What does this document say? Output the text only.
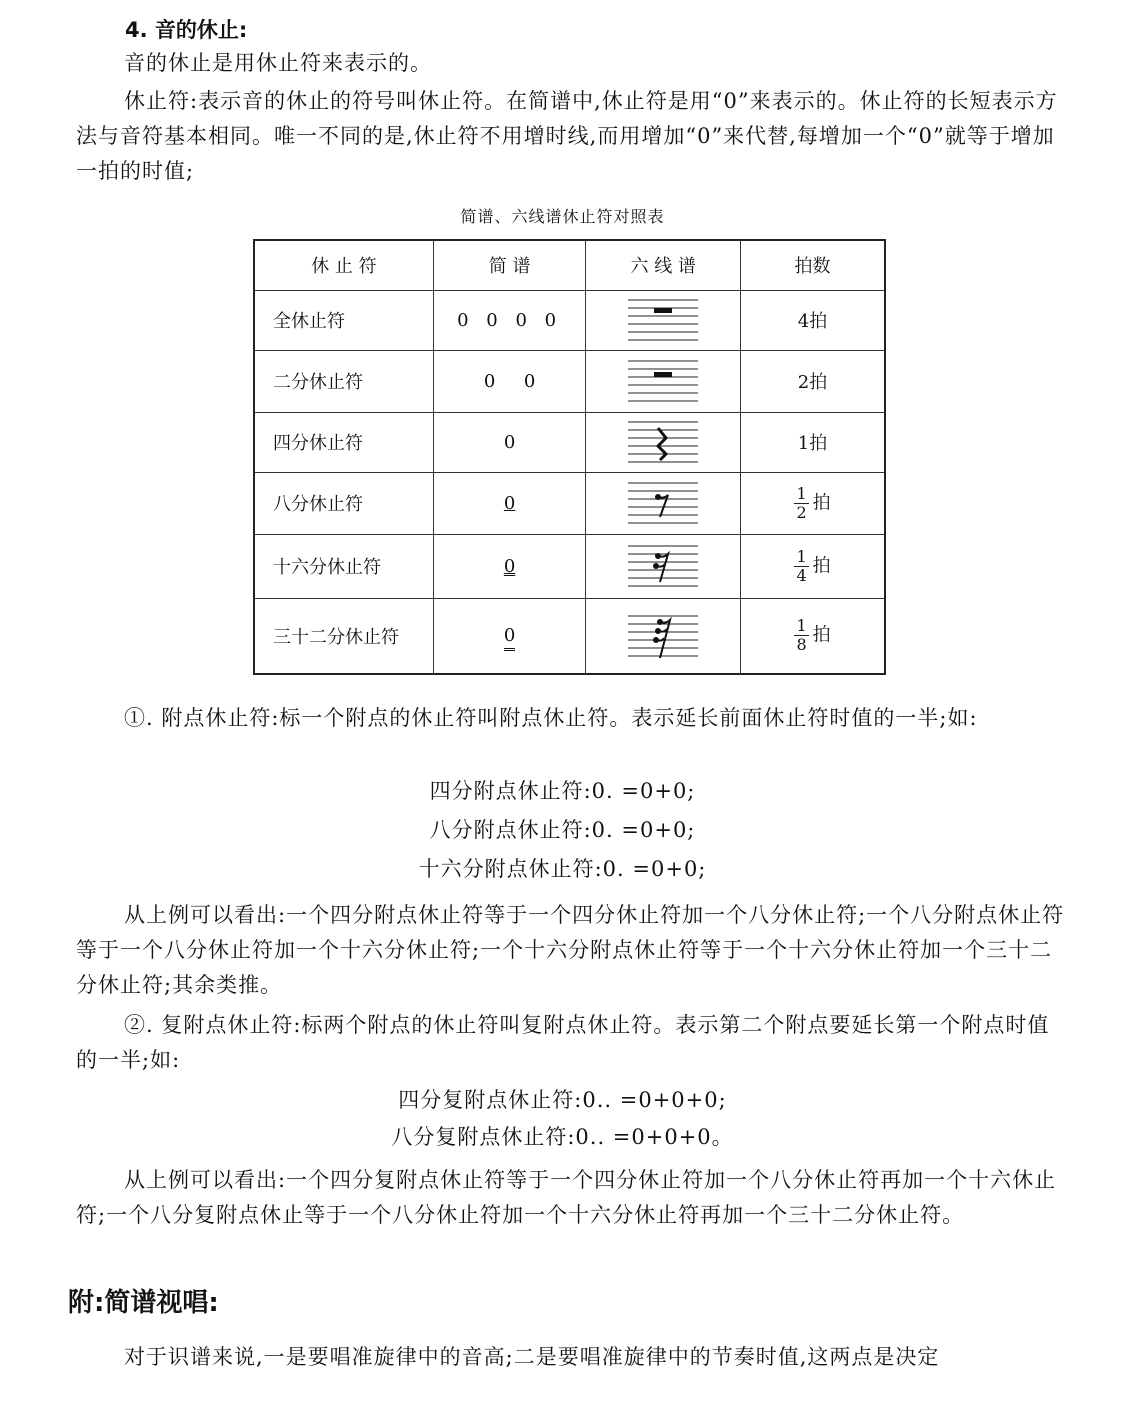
4. 音的休止:
音的休止是用休止符来表示的。
休止符:表示音的休止的符号叫休止符。在简谱中,休止符是用“0”来表示的。休止符的长短表示方法与音符基本相同。唯一不同的是,休止符不用增时线,而用增加“0”来代替,每增加一个“0”就等于增加一拍的时值;
简谱、六线谱休止符对照表
休 止 符	简 谱	六 线 谱	拍数
全休止符	0 0 0 0		4拍
二分休止符	0     0		2拍
四分休止符	0		1拍
八分休止符	0		$\frac{1}{2}$ 拍
十六分休止符	0		$\frac{1}{4}$ 拍
三十二分休止符	0		$\frac{1}{8}$ 拍
①. 附点休止符:标一个附点的休止符叫附点休止符。表示延长前面休止符时值的一半;如:
四分附点休止符:0. =0+0;
八分附点休止符:0. =0+0;
十六分附点休止符:0. =0+0;
从上例可以看出:一个四分附点休止符等于一个四分休止符加一个八分休止符;一个八分附点休止符等于一个八分休止符加一个十六分休止符;一个十六分附点休止符等于一个十六分休止符加一个三十二分休止符;其余类推。
②. 复附点休止符:标两个附点的休止符叫复附点休止符。表示第二个附点要延长第一个附点时值的一半;如:
四分复附点休止符:0.. =0+0+0;
八分复附点休止符:0.. =0+0+0。
从上例可以看出:一个四分复附点休止符等于一个四分休止符加一个八分休止符再加一个十六休止符;一个八分复附点休止等于一个八分休止符加一个十六分休止符再加一个三十二分休止符。
附:简谱视唱:
对于识谱来说,一是要唱准旋律中的音高;二是要唱准旋律中的节奏时值,这两点是决定
